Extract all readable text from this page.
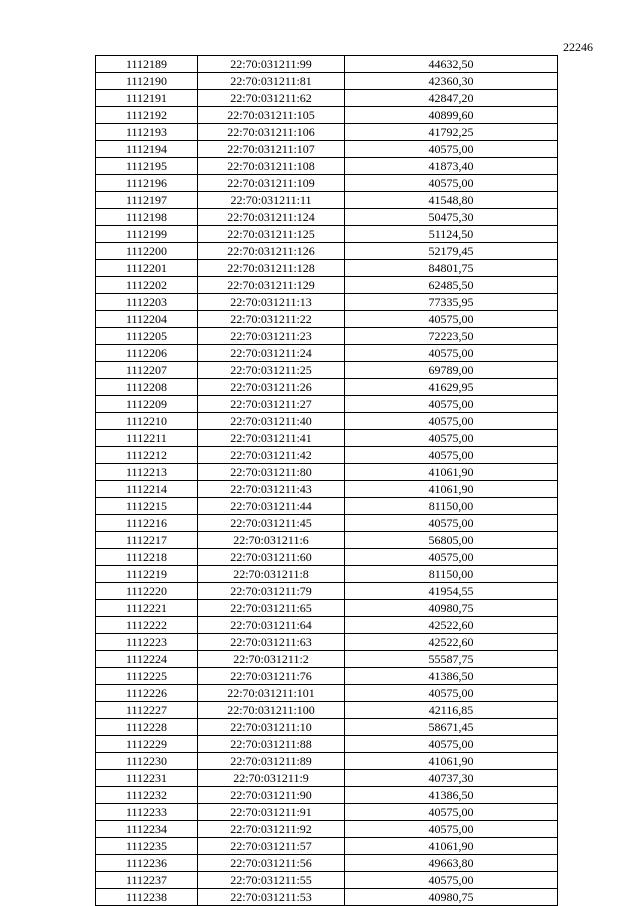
22246
1112189	22:70:031211:99	44632,50
1112190	22:70:031211:81	42360,30
1112191	22:70:031211:62	42847,20
1112192	22:70:031211:105	40899,60
1112193	22:70:031211:106	41792,25
1112194	22:70:031211:107	40575,00
1112195	22:70:031211:108	41873,40
1112196	22:70:031211:109	40575,00
1112197	22:70:031211:11	41548,80
1112198	22:70:031211:124	50475,30
1112199	22:70:031211:125	51124,50
1112200	22:70:031211:126	52179,45
1112201	22:70:031211:128	84801,75
1112202	22:70:031211:129	62485,50
1112203	22:70:031211:13	77335,95
1112204	22:70:031211:22	40575,00
1112205	22:70:031211:23	72223,50
1112206	22:70:031211:24	40575,00
1112207	22:70:031211:25	69789,00
1112208	22:70:031211:26	41629,95
1112209	22:70:031211:27	40575,00
1112210	22:70:031211:40	40575,00
1112211	22:70:031211:41	40575,00
1112212	22:70:031211:42	40575,00
1112213	22:70:031211:80	41061,90
1112214	22:70:031211:43	41061,90
1112215	22:70:031211:44	81150,00
1112216	22:70:031211:45	40575,00
1112217	22:70:031211:6	56805,00
1112218	22:70:031211:60	40575,00
1112219	22:70:031211:8	81150,00
1112220	22:70:031211:79	41954,55
1112221	22:70:031211:65	40980,75
1112222	22:70:031211:64	42522,60
1112223	22:70:031211:63	42522,60
1112224	22:70:031211:2	55587,75
1112225	22:70:031211:76	41386,50
1112226	22:70:031211:101	40575,00
1112227	22:70:031211:100	42116,85
1112228	22:70:031211:10	58671,45
1112229	22:70:031211:88	40575,00
1112230	22:70:031211:89	41061,90
1112231	22:70:031211:9	40737,30
1112232	22:70:031211:90	41386,50
1112233	22:70:031211:91	40575,00
1112234	22:70:031211:92	40575,00
1112235	22:70:031211:57	41061,90
1112236	22:70:031211:56	49663,80
1112237	22:70:031211:55	40575,00
1112238	22:70:031211:53	40980,75
